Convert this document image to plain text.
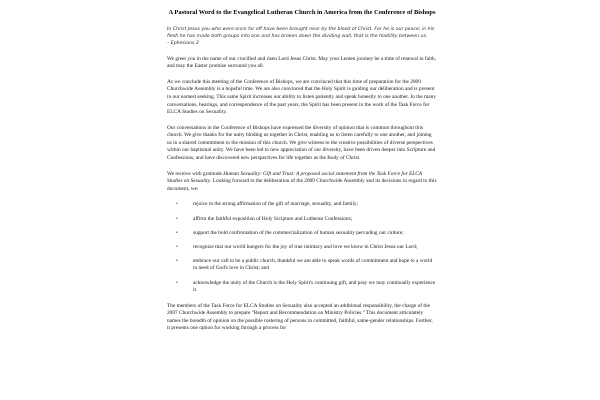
A Pastoral Word to the Evangelical Lutheran Church in America from the Conference of Bishops
In Christ Jesus you who were once far off have been brought near by the blood of Christ. For he is our peace; in his flesh he has made both groups into one and has broken down the dividing wall, that is the hostility between us. – Ephesians 2

We greet you in the name of our crucified and risen Lord Jesus Christ. May your Lenten journey be a time of renewal in faith, and may the Easter promise surround you all.

As we conclude this meeting of the Conference of Bishops, we are convinced that this time of preparation for the 2009 Churchwide Assembly is a hopeful time. We are also convinced that the Holy Spirit is guiding our deliberation and is present in our earnest seeking. This same Spirit increases our ability to listen patiently and speak honestly to one another. In the many conversations, hearings, and correspondence of the past years, the Spirit has been present in the work of the Task Force for ELCA Studies on Sexuality.

Our conversations in the Conference of Bishops have expressed the diversity of opinion that is common throughout this church. We give thanks for the unity binding us together in Christ, enabling us to listen carefully to one another, and joining us in a shared commitment to the mission of this church. We give witness to the creative possibilities of diverse perspectives within our baptismal unity. We have been led to new appreciation of our diversity, have been driven deeper into Scripture and Confessions, and have discovered new perspectives for life together as the Body of Christ.

We receive with gratitude Human Sexuality: Gift and Trust: A proposed social statement from the Task Force for ELCA Studies on Sexuality. Looking forward to the deliberation of the 2009 Churchwide Assembly and its decisions in regard to this document, we:

•	rejoice in the strong affirmation of the gift of marriage, sexuality, and family;
•	affirm the faithful exposition of Holy Scripture and Lutheran Confessions;
•	support the bold confrontation of the commercialization of human sexuality pervading our culture;
•	recognize that our world hungers for the joy of true intimacy and love we know in Christ Jesus our Lord;
•	embrace our call to be a public church, thankful we are able to speak words of commitment and hope to a world in need of God's love in Christ; and
•	acknowledge the unity of the Church is the Holy Spirit's continuing gift, and pray we may continually experience it.

The members of the Task Force for ELCA Studies on Sexuality also accepted an additional responsibility, the charge of the 2007 Churchwide Assembly to prepare "Report and Recommendation on Ministry Policies." This document articulately names the breadth of opinion on the possible rostering of persons in committed, faithful, same-gender relationships. Further, it presents one option for working through a process for
